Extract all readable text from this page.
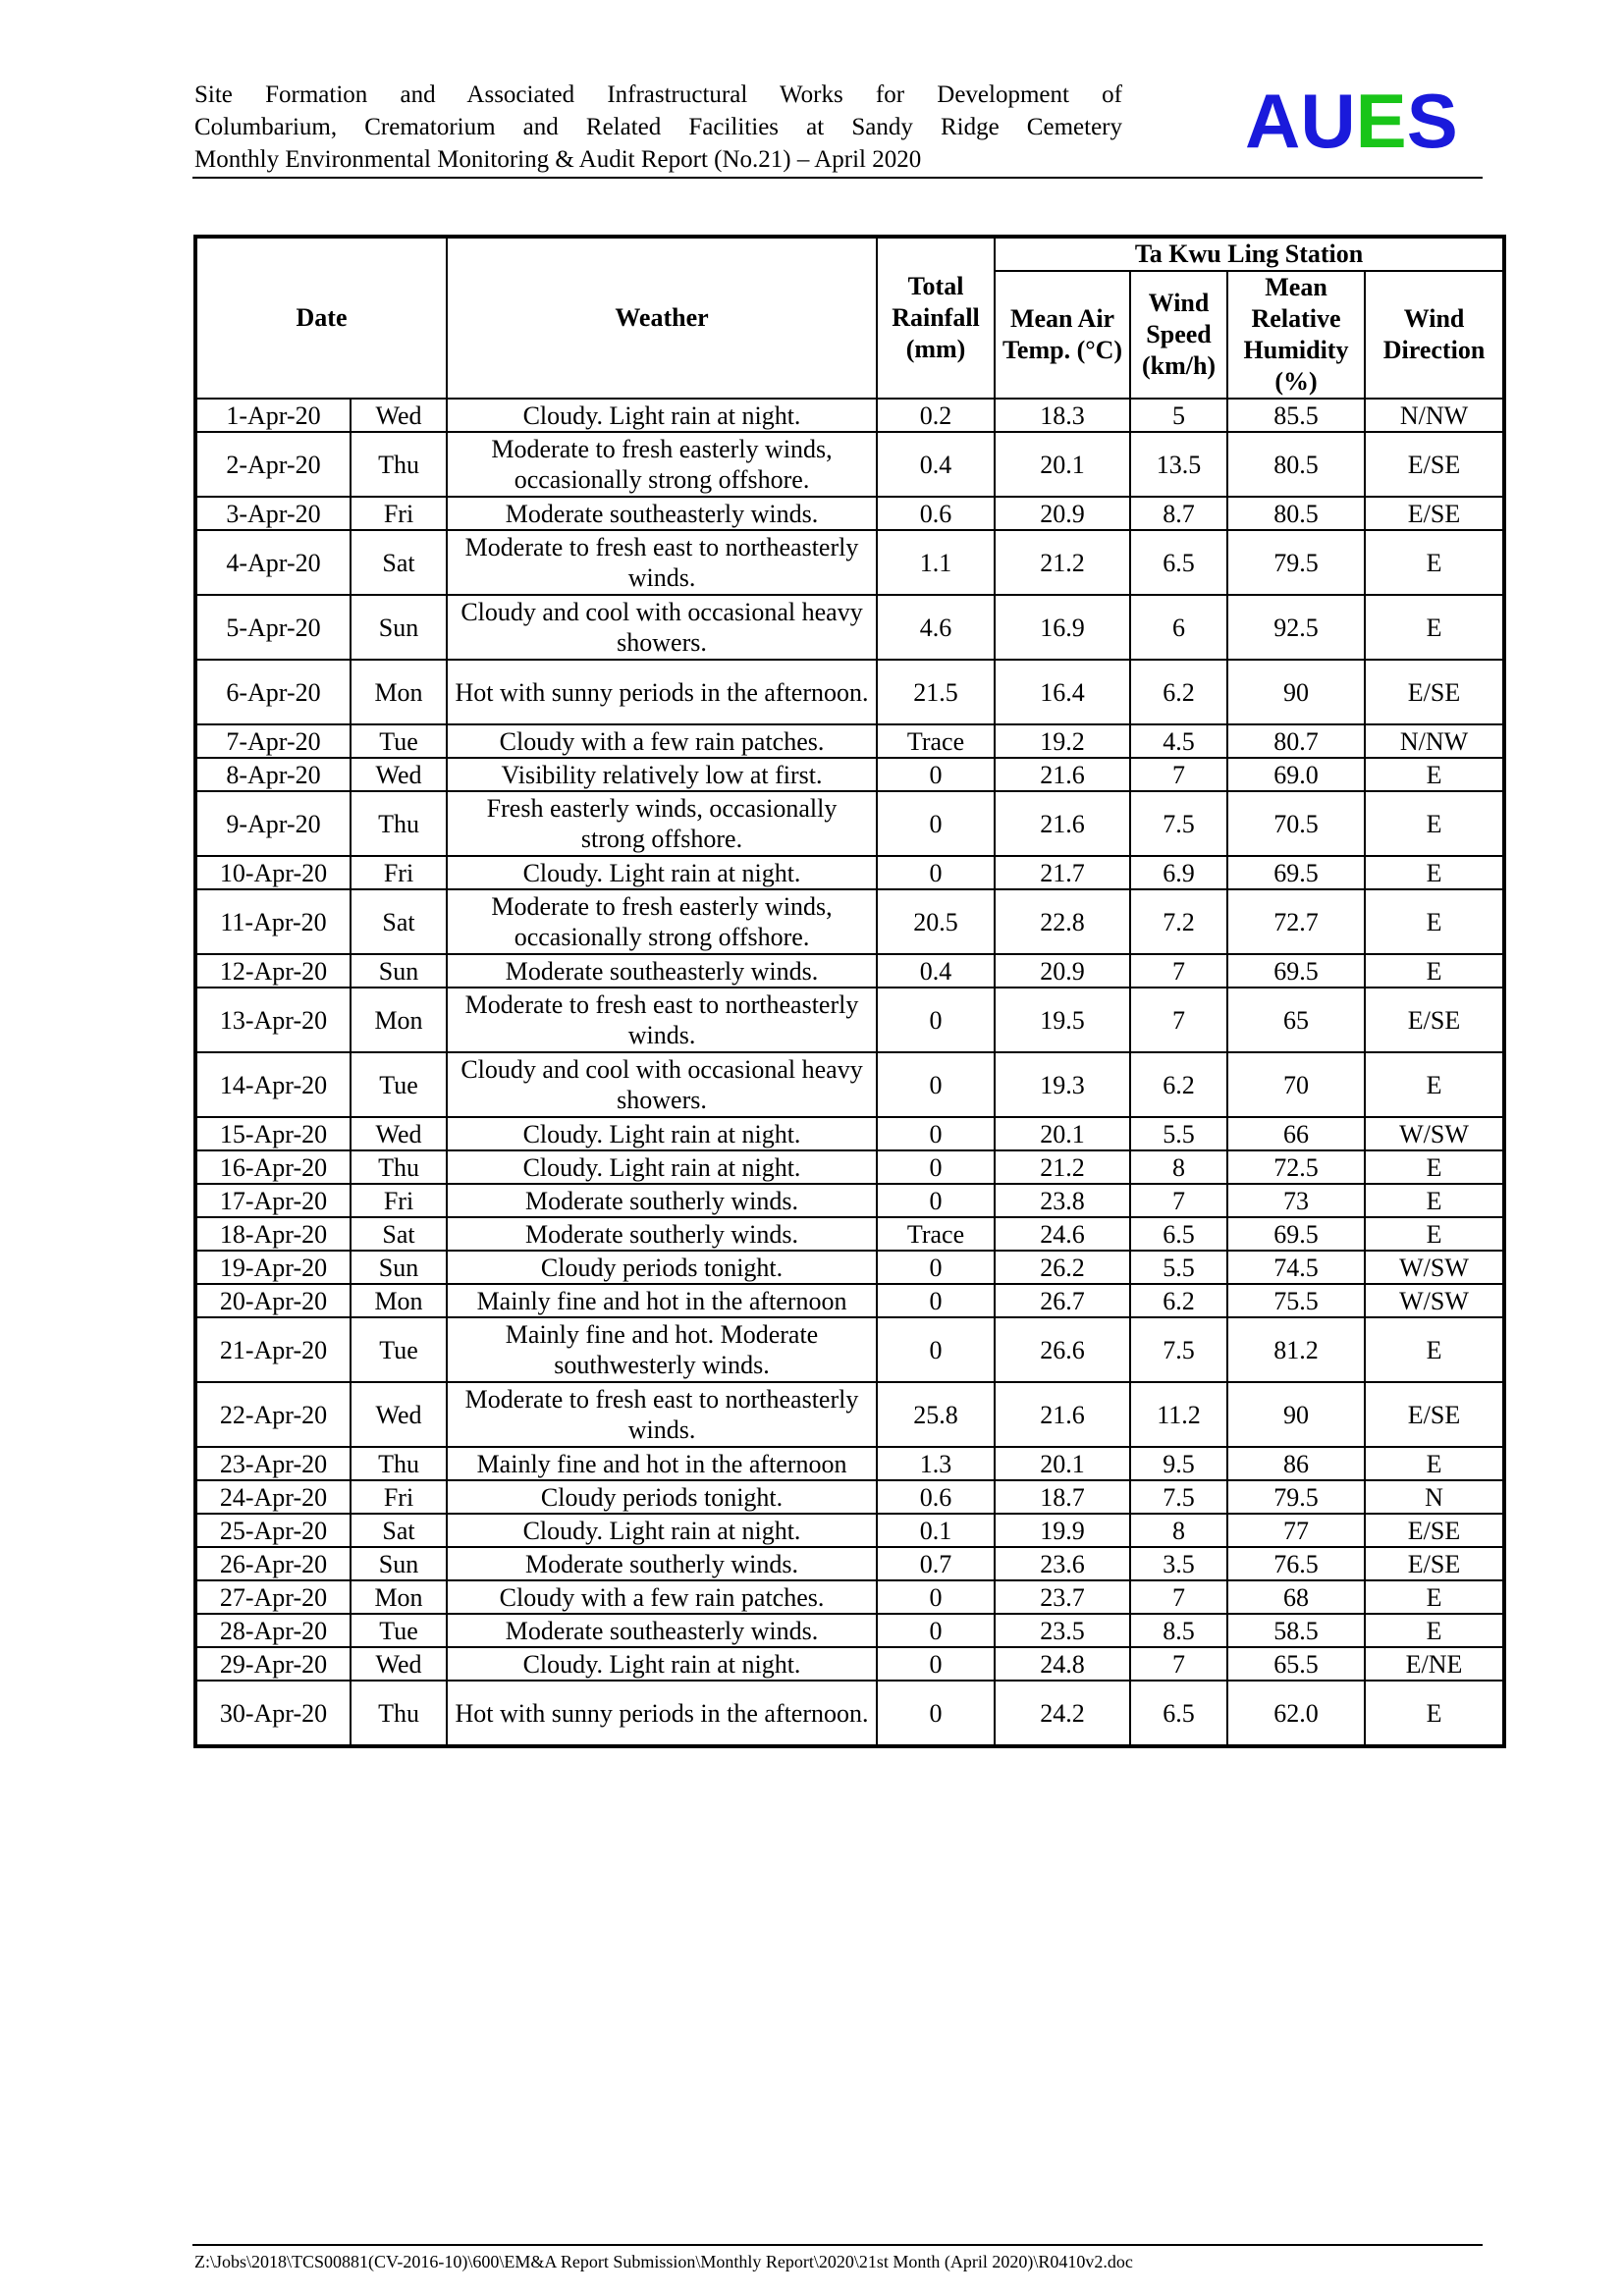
Site Formation and Associated Infrastructural Works for Development of
Columbarium, Crematorium and Related Facilities at Sandy Ridge Cemetery
Monthly Environmental Monitoring & Audit Report (No.21) – April 2020	AUES
Date		Weather	Total Rainfall (mm)	Ta Kwu Ling Station			
				Mean Air Temp. (°C)	Wind Speed (km/h)	Mean Relative Humidity (%)	Wind Direction
1-Apr-20	Wed	Cloudy. Light rain at night.	0.2	18.3	5	85.5	N/NW
2-Apr-20	Thu	Moderate to fresh easterly winds, occasionally strong offshore.	0.4	20.1	13.5	80.5	E/SE
3-Apr-20	Fri	Moderate southeasterly winds.	0.6	20.9	8.7	80.5	E/SE
4-Apr-20	Sat	Moderate to fresh east to northeasterly winds.	1.1	21.2	6.5	79.5	E
5-Apr-20	Sun	Cloudy and cool with occasional heavy showers.	4.6	16.9	6	92.5	E
6-Apr-20	Mon	Hot with sunny periods in the afternoon.	21.5	16.4	6.2	90	E/SE
7-Apr-20	Tue	Cloudy with a few rain patches.	Trace	19.2	4.5	80.7	N/NW
8-Apr-20	Wed	Visibility relatively low at first.	0	21.6	7	69.0	E
9-Apr-20	Thu	Fresh easterly winds, occasionally strong offshore.	0	21.6	7.5	70.5	E
10-Apr-20	Fri	Cloudy. Light rain at night.	0	21.7	6.9	69.5	E
11-Apr-20	Sat	Moderate to fresh easterly winds, occasionally strong offshore.	20.5	22.8	7.2	72.7	E
12-Apr-20	Sun	Moderate southeasterly winds.	0.4	20.9	7	69.5	E
13-Apr-20	Mon	Moderate to fresh east to northeasterly winds.	0	19.5	7	65	E/SE
14-Apr-20	Tue	Cloudy and cool with occasional heavy showers.	0	19.3	6.2	70	E
15-Apr-20	Wed	Cloudy. Light rain at night.	0	20.1	5.5	66	W/SW
16-Apr-20	Thu	Cloudy. Light rain at night.	0	21.2	8	72.5	E
17-Apr-20	Fri	Moderate southerly winds.	0	23.8	7	73	E
18-Apr-20	Sat	Moderate southerly winds.	Trace	24.6	6.5	69.5	E
19-Apr-20	Sun	Cloudy periods tonight.	0	26.2	5.5	74.5	W/SW
20-Apr-20	Mon	Mainly fine and hot in the afternoon	0	26.7	6.2	75.5	W/SW
21-Apr-20	Tue	Mainly fine and hot. Moderate southwesterly winds.	0	26.6	7.5	81.2	E
22-Apr-20	Wed	Moderate to fresh east to northeasterly winds.	25.8	21.6	11.2	90	E/SE
23-Apr-20	Thu	Mainly fine and hot in the afternoon	1.3	20.1	9.5	86	E
24-Apr-20	Fri	Cloudy periods tonight.	0.6	18.7	7.5	79.5	N
25-Apr-20	Sat	Cloudy. Light rain at night.	0.1	19.9	8	77	E/SE
26-Apr-20	Sun	Moderate southerly winds.	0.7	23.6	3.5	76.5	E/SE
27-Apr-20	Mon	Cloudy with a few rain patches.	0	23.7	7	68	E
28-Apr-20	Tue	Moderate southeasterly winds.	0	23.5	8.5	58.5	E
29-Apr-20	Wed	Cloudy. Light rain at night.	0	24.8	7	65.5	E/NE
30-Apr-20	Thu	Hot with sunny periods in the afternoon.	0	24.2	6.5	62.0	E
Z:\Jobs\2018\TCS00881(CV-2016-10)\600\EM&A Report Submission\Monthly Report\2020\21st Month (April 2020)\R0410v2.doc
